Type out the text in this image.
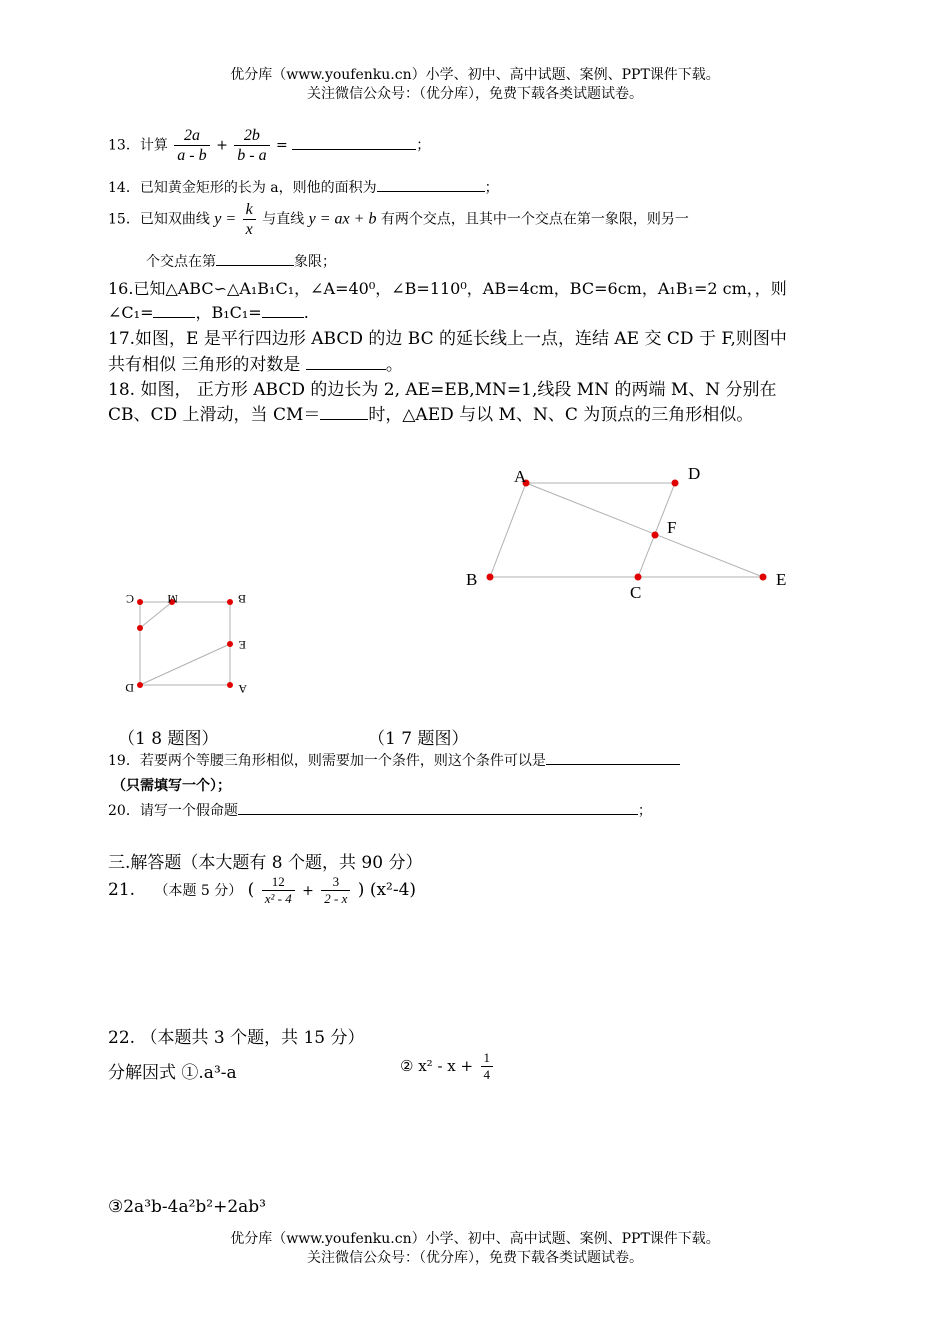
优分库（www.youfenku.cn）小学、初中、高中试题、案例、PPT课件下载。
关注微信公众号：（优分库），免费下载各类试题试卷。
13．计算 $\frac{2a}{a - b} + \frac{2b}{b - a}$ =	；
14．已知黄金矩形的长为 a，则他的面积为	；
15．已知双曲线 $y = \frac{k}{x}$ 与直线 y = ax + b 有两个交点，且其中一个交点在第一象限，则另一
个交点在第	象限；
16.已知△ABC∽△A₁B₁C₁，∠A=40⁰，∠B=110⁰，AB=4cm，BC=6cm，A₁B₁=2 cm，，则
∠C₁=	，B₁C₁=	.
17.如图，E 是平行四边形 ABCD 的边 BC 的延长线上一点，连结 AE 交 CD 于 F,则图中
共有相似 三角形的对数是	。
18. 如图， 正方形 ABCD 的边长为 2, AE=EB,MN=1,线段 MN 的两端 M、N 分别在
CB、CD 上滑动，当 CM＝	时，△AED 与以 M、N、C 为顶点的三角形相似。
A	D
B
C
E
F
C	M	B
E
D	A
（1 8 题图）	（1 7 题图）
19．若要两个等腰三角形相似，则需要加一个条件，则这个条件可以是
（只需填写一个）；
20．请写一个假命题	；
三.解答题（本大题有 8 个题，共 90 分）
21. （本题 5 分） ( $\frac{12}{\text{x² - 4}} + \frac{3}{2 - x}$ ) (x²-4)
22. （本题共 3 个题，共 15 分）
分解因式 ①.a³-a	② $x^2 - x + \frac{1}{4}$
③2a³b-4a²b²+2ab³
优分库（www.youfenku.cn）小学、初中、高中试题、案例、PPT课件下载。
关注微信公众号：（优分库），免费下载各类试题试卷。
